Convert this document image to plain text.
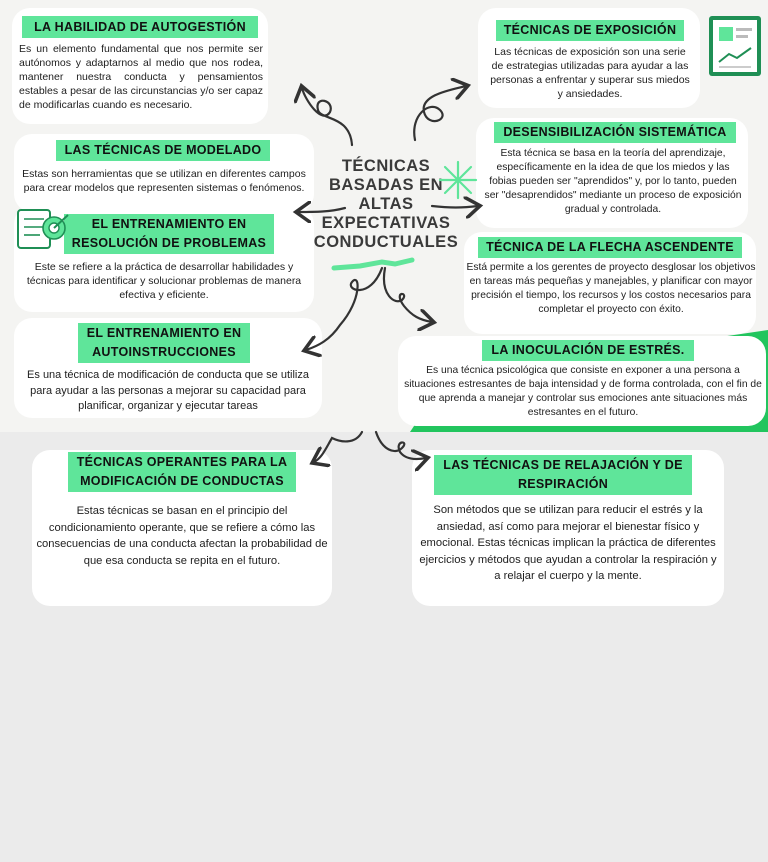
LA HABILIDAD DE AUTOGESTIÓN
Es un elemento fundamental que nos permite ser autónomos y adaptarnos al medio que nos rodea, mantener nuestra conducta y pensamientos estables a pesar de las circunstancias y/o ser capaz de modificarlas cuando es necesario.
LAS TÉCNICAS DE MODELADO
Estas son herramientas que se utilizan en diferentes campos para crear modelos que representen sistemas o fenómenos.
EL ENTRENAMIENTO EN RESOLUCIÓN DE PROBLEMAS
Este se refiere a la práctica de desarrollar habilidades y técnicas para identificar y solucionar problemas de manera efectiva y eficiente.
EL ENTRENAMIENTO EN AUTOINSTRUCCIONES
Es una técnica de modificación de conducta que se utiliza para ayudar a las personas a mejorar su capacidad para planificar, organizar y ejecutar tareas
TÉCNICAS DE EXPOSICIÓN
Las técnicas de exposición son una serie de estrategias utilizadas para ayudar a las personas a enfrentar y superar sus miedos y ansiedades.
DESENSIBILIZACIÓN SISTEMÁTICA
Esta técnica se basa en la teoría del aprendizaje, específicamente en la idea de que los miedos y las fobias pueden ser "aprendidos" y, por lo tanto, pueden ser "desaprendidos" mediante un proceso de exposición gradual y controlada.
TÉCNICA DE LA FLECHA ASCENDENTE
Está permite a los gerentes de proyecto desglosar los objetivos en tareas más pequeñas y manejables, y planificar con mayor precisión el tiempo, los recursos y los costos necesarios para completar el proyecto con éxito.
LA INOCULACIÓN DE ESTRÉS.
Es una técnica psicológica que consiste en exponer a una persona a situaciones estresantes de baja intensidad y de forma controlada, con el fin de que aprenda a manejar y controlar sus emociones ante situaciones más estresantes en el futuro.
TÉCNICAS OPERANTES PARA LA MODIFICACIÓN DE CONDUCTAS
Estas técnicas se basan en el principio del condicionamiento operante, que se refiere a cómo las consecuencias de una conducta afectan la probabilidad de que esa conducta se repita en el futuro.
LAS TÉCNICAS DE RELAJACIÓN Y DE RESPIRACIÓN
Son métodos que se utilizan para reducir el estrés y la ansiedad, así como para mejorar el bienestar físico y emocional. Estas técnicas implican la práctica de diferentes ejercicios y métodos que ayudan a controlar la respiración y a relajar el cuerpo y la mente.
TÉCNICAS BASADAS EN ALTAS EXPECTATIVAS CONDUCTUALES
